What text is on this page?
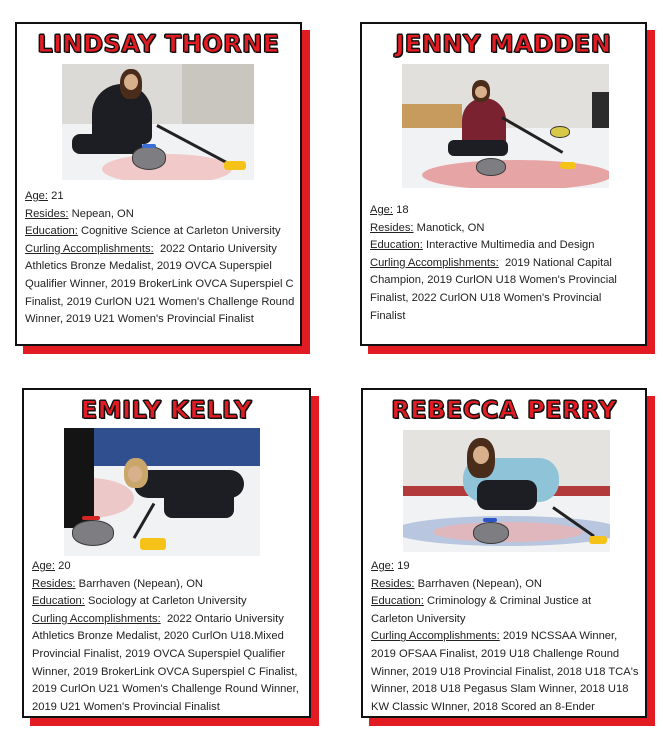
LINDSAY THORNE

Age: 21

Resides: Nepean, ON

Education: Cognitive Science at Carleton University

Curling Accomplishments: 2022 Ontario University

Athletics Bronze Medalist, 2019 OVCA Superspiel

Qualifier Winner, 2019 BrokerLink OVCA Superspiel C

Finalist, 2019 CurlON U21 Women's Challenge Round

Winner, 2019 U21 Women's Provincial Finalist

JENNY MADDEN

Age: 18

Resides: Manotick, ON

Education: Interactive Multimedia and Design

Curling Accomplishments: 2019 National Capital

Champion, 2019 CurlON U18 Women's Provincial

Finalist, 2022 CurlON U18 Women's Provincial

Finalist

EMILY KELLY

Age: 20

Resides: Barrhaven (Nepean), ON

Education: Sociology at Carleton University

Curling Accomplishments: 2022 Ontario University

Athletics Bronze Medalist, 2020 CurlOn U18.Mixed

Provincial Finalist, 2019 OVCA Superspiel Qualifier

Winner, 2019 BrokerLink OVCA Superspiel C Finalist,

2019 CurlOn U21 Women's Challenge Round Winner,

2019 U21 Women's Provincial Finalist

REBECCA PERRY

Age: 19

Resides: Barrhaven (Nepean), ON

Education: Criminology & Criminal Justice at

Carleton University

Curling Accomplishments: 2019 NCSSAA Winner,

2019 OFSAA Finalist, 2019 U18 Challenge Round

Winner, 2019 U18 Provincial Finalist, 2018 U18 TCA's

Winner, 2018 U18 Pegasus Slam Winner, 2018 U18

KW Classic WInner, 2018 Scored an 8-Ender
